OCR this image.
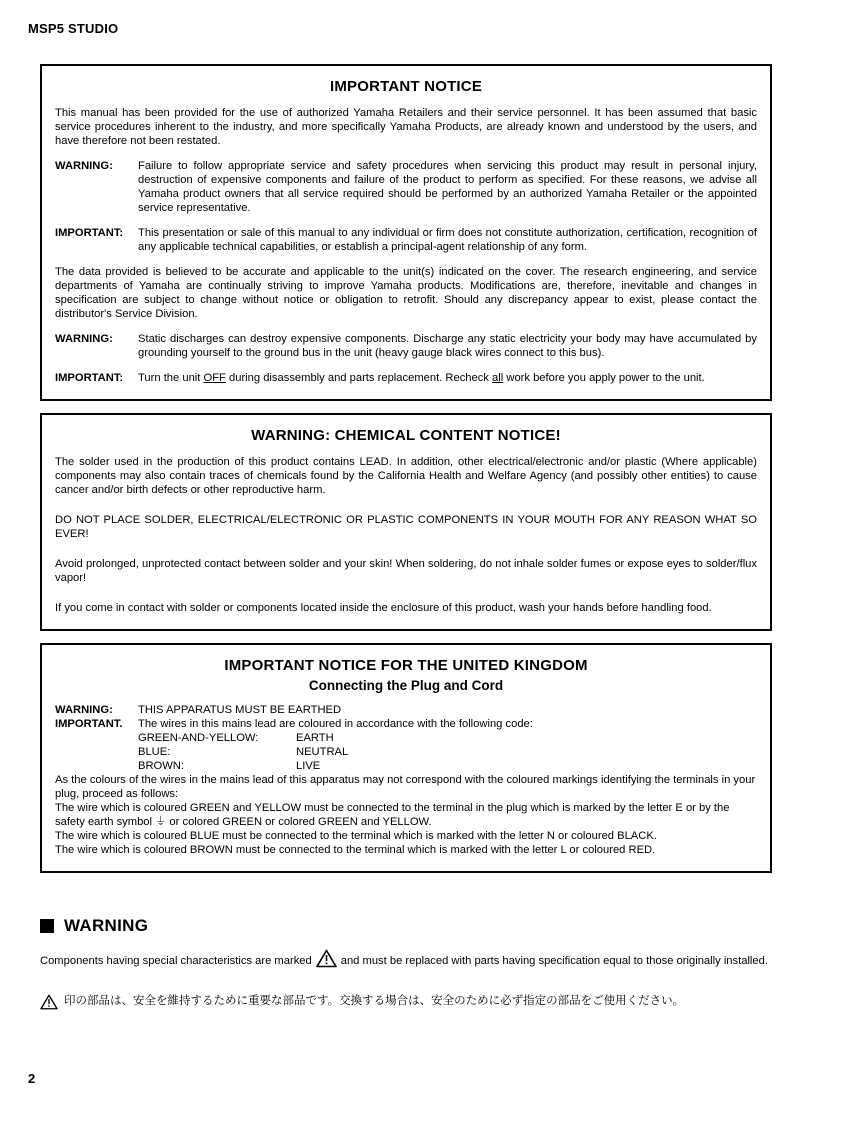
MSP5 STUDIO
IMPORTANT NOTICE

This manual has been provided for the use of authorized Yamaha Retailers and their service personnel. It has been assumed that basic service procedures inherent to the industry, and more specifically Yamaha Products, are already known and understood by the users, and have therefore not been restated.

WARNING:	Failure to follow appropriate service and safety procedures when servicing this product may result in personal injury, destruction of expensive components and failure of the product to perform as specified. For these reasons, we advise all Yamaha product owners that all service required should be performed by an authorized Yamaha Retailer or the appointed service representative.
IMPORTANT:	This presentation or sale of this manual to any individual or firm does not constitute authorization, certification, recognition of any applicable technical capabilities, or establish a principal-agent relationship of any form.

The data provided is believed to be accurate and applicable to the unit(s) indicated on the cover. The research engineering, and service departments of Yamaha are continually striving to improve Yamaha products. Modifications are, therefore, inevitable and changes in specification are subject to change without notice or obligation to retrofit. Should any discrepancy appear to exist, please contact the distributor's Service Division.

WARNING:	Static discharges can destroy expensive components. Discharge any static electricity your body may have accumulated by grounding yourself to the ground bus in the unit (heavy gauge black wires connect to this bus).
IMPORTANT:	Turn the unit OFF during disassembly and parts replacement. Recheck all work before you apply power to the unit.
WARNING: CHEMICAL CONTENT NOTICE!

The solder used in the production of this product contains LEAD. In addition, other electrical/electronic and/or plastic (Where applicable) components may also contain traces of chemicals found by the California Health and Welfare Agency (and possibly other entities) to cause cancer and/or birth defects or other reproductive harm.

DO NOT PLACE SOLDER, ELECTRICAL/ELECTRONIC OR PLASTIC COMPONENTS IN YOUR MOUTH FOR ANY REASON WHAT SO EVER!

Avoid prolonged, unprotected contact between solder and your skin! When soldering, do not inhale solder fumes or expose eyes to solder/flux vapor!

If you come in contact with solder or components located inside the enclosure of this product, wash your hands before handling food.

IMPORTANT NOTICE FOR THE UNITED KINGDOM
Connecting the Plug and Cord
WARNING:	THIS APPARATUS MUST BE EARTHED
IMPORTANT.	The wires in this mains lead are coloured in accordance with the following code:
GREEN-AND-YELLOW:	EARTH
BLUE:	NEUTRAL
BROWN:	LIVE

As the colours of the wires in the mains lead of this apparatus may not correspond with the coloured markings identifying the terminals in your plug, proceed as follows:

The wire which is coloured GREEN and YELLOW must be connected to the terminal in the plug which is marked by the letter E or by the safety earth symbol ⏚ or colored GREEN or colored GREEN and YELLOW.

The wire which is coloured BLUE must be connected to the terminal which is marked with the letter N or coloured BLACK.

The wire which is coloured BROWN must be connected to the terminal which is marked with the letter L or coloured RED.

WARNING

Components having special characteristics are marked	and must be replaced with parts having specification equal to those originally installed.

印の部品は、安全を維持するために重要な部品です。交換する場合は、安全のために必ず指定の部品をご使用ください。
2
